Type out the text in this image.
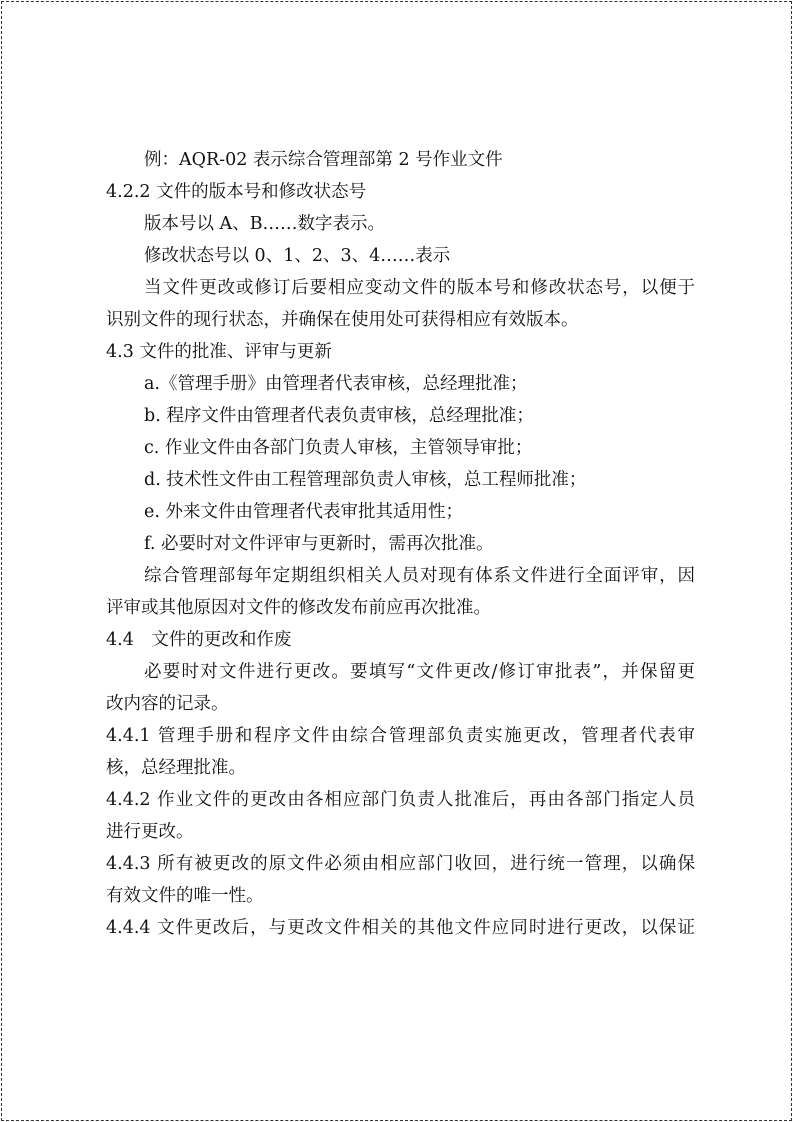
例：AQR-02 表示综合管理部第 2 号作业文件
4.2.2 文件的版本号和修改状态号
版本号以 A、B……数字表示。
修改状态号以 0、1、2、3、4……表示
当文件更改或修订后要相应变动文件的版本号和修改状态号，以便于
识别文件的现行状态，并确保在使用处可获得相应有效版本。
4.3 文件的批准、评审与更新
a.《管理手册》由管理者代表审核，总经理批准；
b. 程序文件由管理者代表负责审核，总经理批准；
c. 作业文件由各部门负责人审核，主管领导审批；
d. 技术性文件由工程管理部负责人审核，总工程师批准；
e. 外来文件由管理者代表审批其适用性；
f. 必要时对文件评审与更新时，需再次批准。
综合管理部每年定期组织相关人员对现有体系文件进行全面评审，因
评审或其他原因对文件的修改发布前应再次批准。
4.4　文件的更改和作废
必要时对文件进行更改。要填写“文件更改/修订审批表”，并保留更
改内容的记录。
4.4.1 管理手册和程序文件由综合管理部负责实施更改，管理者代表审
核，总经理批准。
4.4.2 作业文件的更改由各相应部门负责人批准后，再由各部门指定人员
进行更改。
4.4.3 所有被更改的原文件必须由相应部门收回，进行统一管理，以确保
有效文件的唯一性。
4.4.4 文件更改后，与更改文件相关的其他文件应同时进行更改，以保证
